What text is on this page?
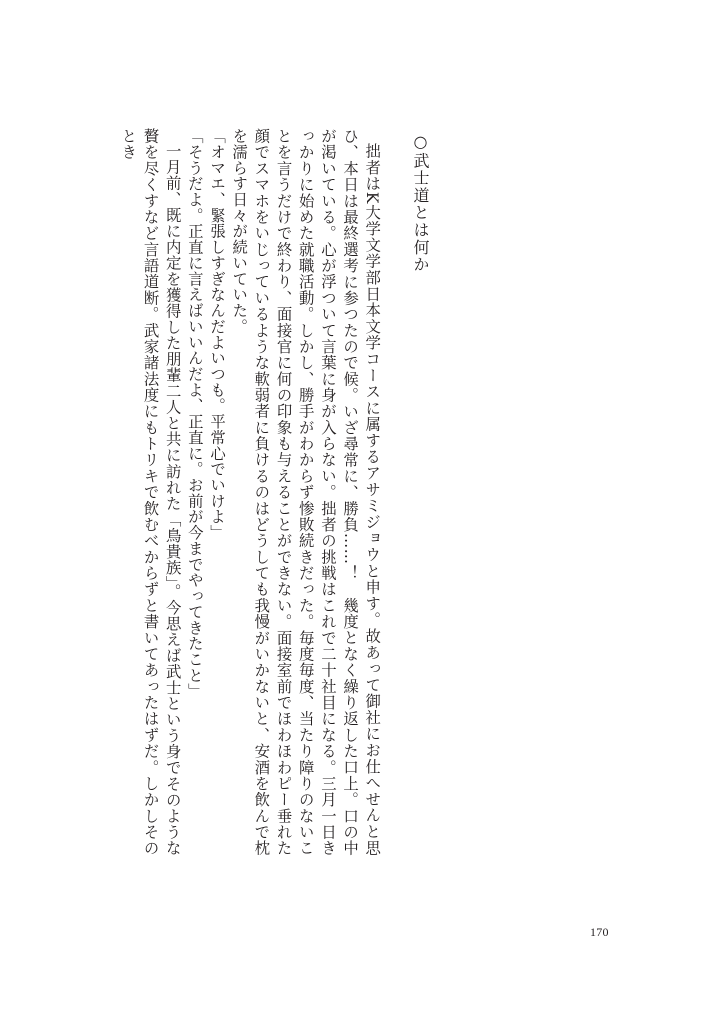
○武士道とは何か

拙者はK大学文学部日本文学コースに属するアサミジョウと申す。故あって御社にお仕へせんと思ひ、本日は最終選考に参つたので候。いざ尋常に、勝負……！　幾度となく繰り返した口上。口の中が渇いている。心が浮ついて言葉に身が入らない。拙者の挑戦はこれで二十社目になる。三月一日きっかりに始めた就職活動。しかし、勝手がわからず惨敗続きだった。毎度毎度、当たり障りのないことを言うだけで終わり、面接官に何の印象も与えることができない。面接室前でほわほわピー垂れた顔でスマホをいじっているような軟弱者に負けるのはどうしても我慢がいかないと、安酒を飲んで枕を濡らす日々が続いていた。

「オマエ、緊張しすぎなんだよいつも。平常心でいけよ」

「そうだよ。正直に言えばいいんだよ、正直に。お前が今までやってきたこと」

一月前、既に内定を獲得した朋輩二人と共に訪れた「鳥貴族」。今思えば武士という身でそのような贅を尽くすなど言語道断。武家諸法度にもトリキで飲むべからずと書いてあったはずだ。しかしそのとき

170
